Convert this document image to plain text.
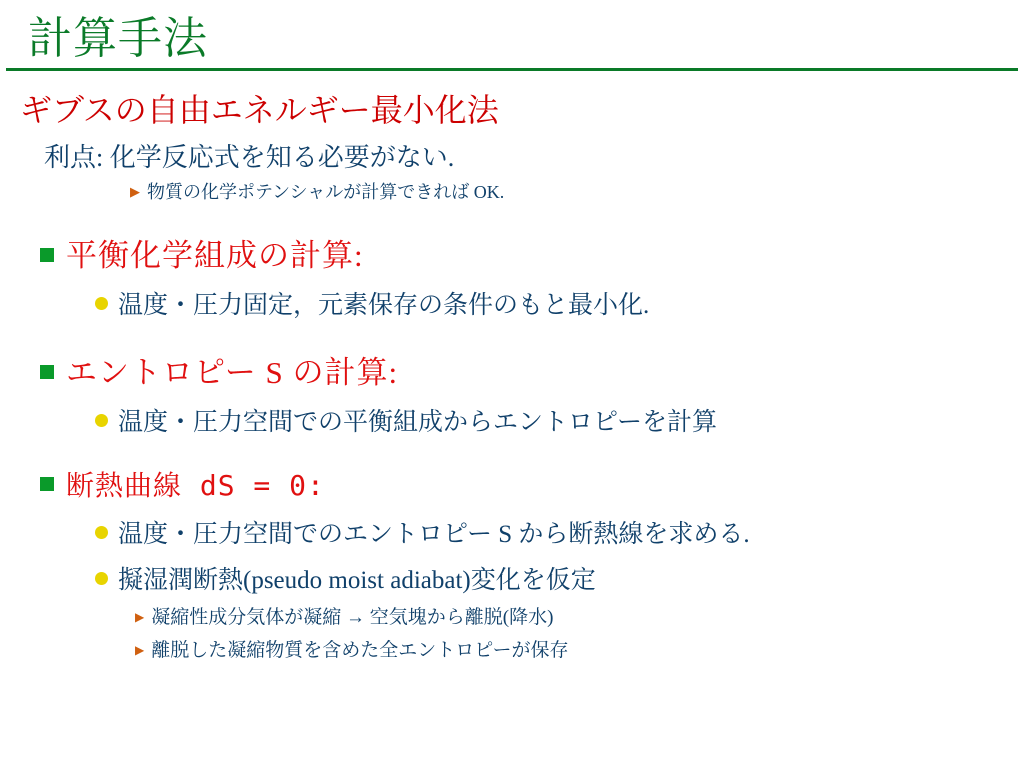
計算手法
ギブスの自由エネルギー最小化法
利点: 化学反応式を知る必要がない.
▶ 物質の化学ポテンシャルが計算できれば OK.
平衡化学組成の計算:
温度・圧力固定，元素保存の条件のもと最小化.
エントロピー S の計算:
温度・圧力空間での平衡組成からエントロピーを計算
断熱曲線 dS = 0:
温度・圧力空間でのエントロピー S から断熱線を求める.
擬湿潤断熱(pseudo moist adiabat)変化を仮定
▶ 凝縮性成分気体が凝縮 → 空気塊から離脱(降水)
▶ 離脱した凝縮物質を含めた全エントロピーが保存
